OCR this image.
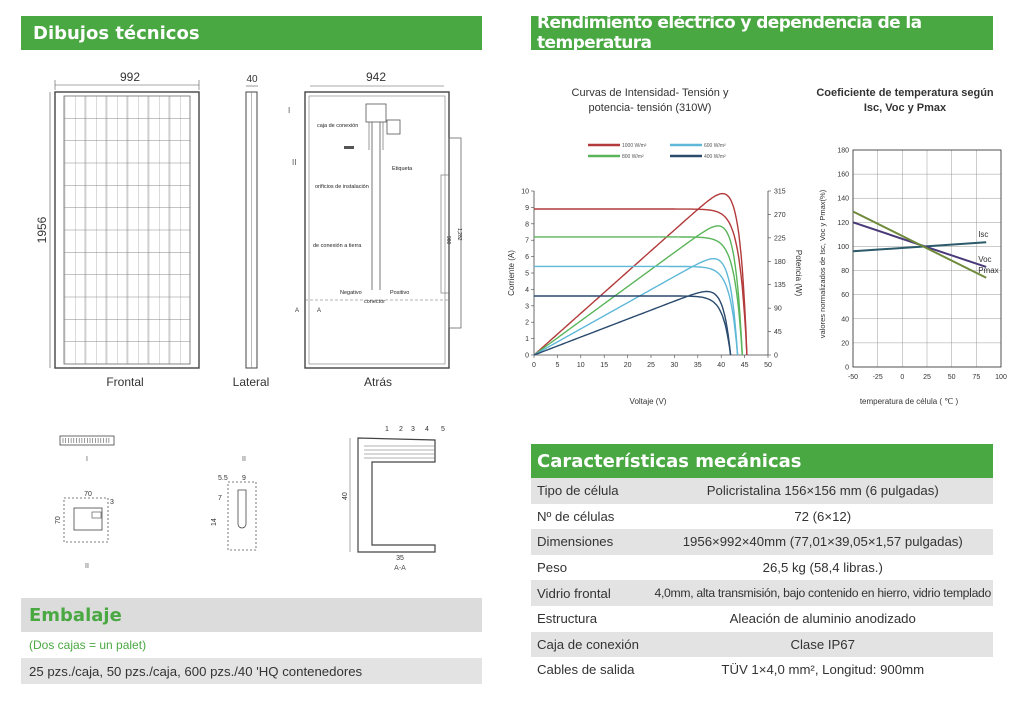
Dibujos técnicos	Rendimiento eléctrico y dependencia de la temperatura
Características mecánicas
992
1956
Frontal
40
Lateral
942
I
II
caja de conexión
orificios de instalación
de conexión a tierra
Etiqueta
Negativo	Positivo
conector
980 1,282
A	A
Atrás
I
70
3
70
II
5.5 9
14
7
II
1 2 3 4 5
40
35
A-A
Curvas de Intensidad- Tensión y
potencia- tensión (310W)
1000 W/m²	600 W/m²
800 W/m²	400 W/m²
0
1
2
3
4
5
6
7
8
9
10
0	5	10 15 20 25 30 35 40 45 50
0
45
90
135
180
225
270
315
Voltaje (V)
Corriente (A)	Potencia (W)
Coeficiente de temperatura según
Isc, Voc y Pmax
0
20
40
60
80
100
120
140
160
180
-50 -25	0	25 50 75 100
Isc
Voc
Pmax
temperatura de célula ( ℃ )
valores normalizados de Isc, Voc y Pmax(%)
Tipo de célula	Policristalina 156×156 mm (6 pulgadas)
Nº de células	72 (6×12)
Dimensiones	1956×992×40mm (77,01×39,05×1,57 pulgadas)
Peso	26,5 kg (58,4 libras.)
Vidrio frontal	4,0mm, alta transmisión, bajo contenido en hierro, vidrio templado
Estructura	Aleación de aluminio anodizado
Caja de conexión	Clase IP67
Cables de salida	TÜV 1×4,0 mm², Longitud: 900mm
Embalaje
(Dos cajas = un palet)
25 pzs./caja, 50 pzs./caja, 600 pzs./40 'HQ contenedores
